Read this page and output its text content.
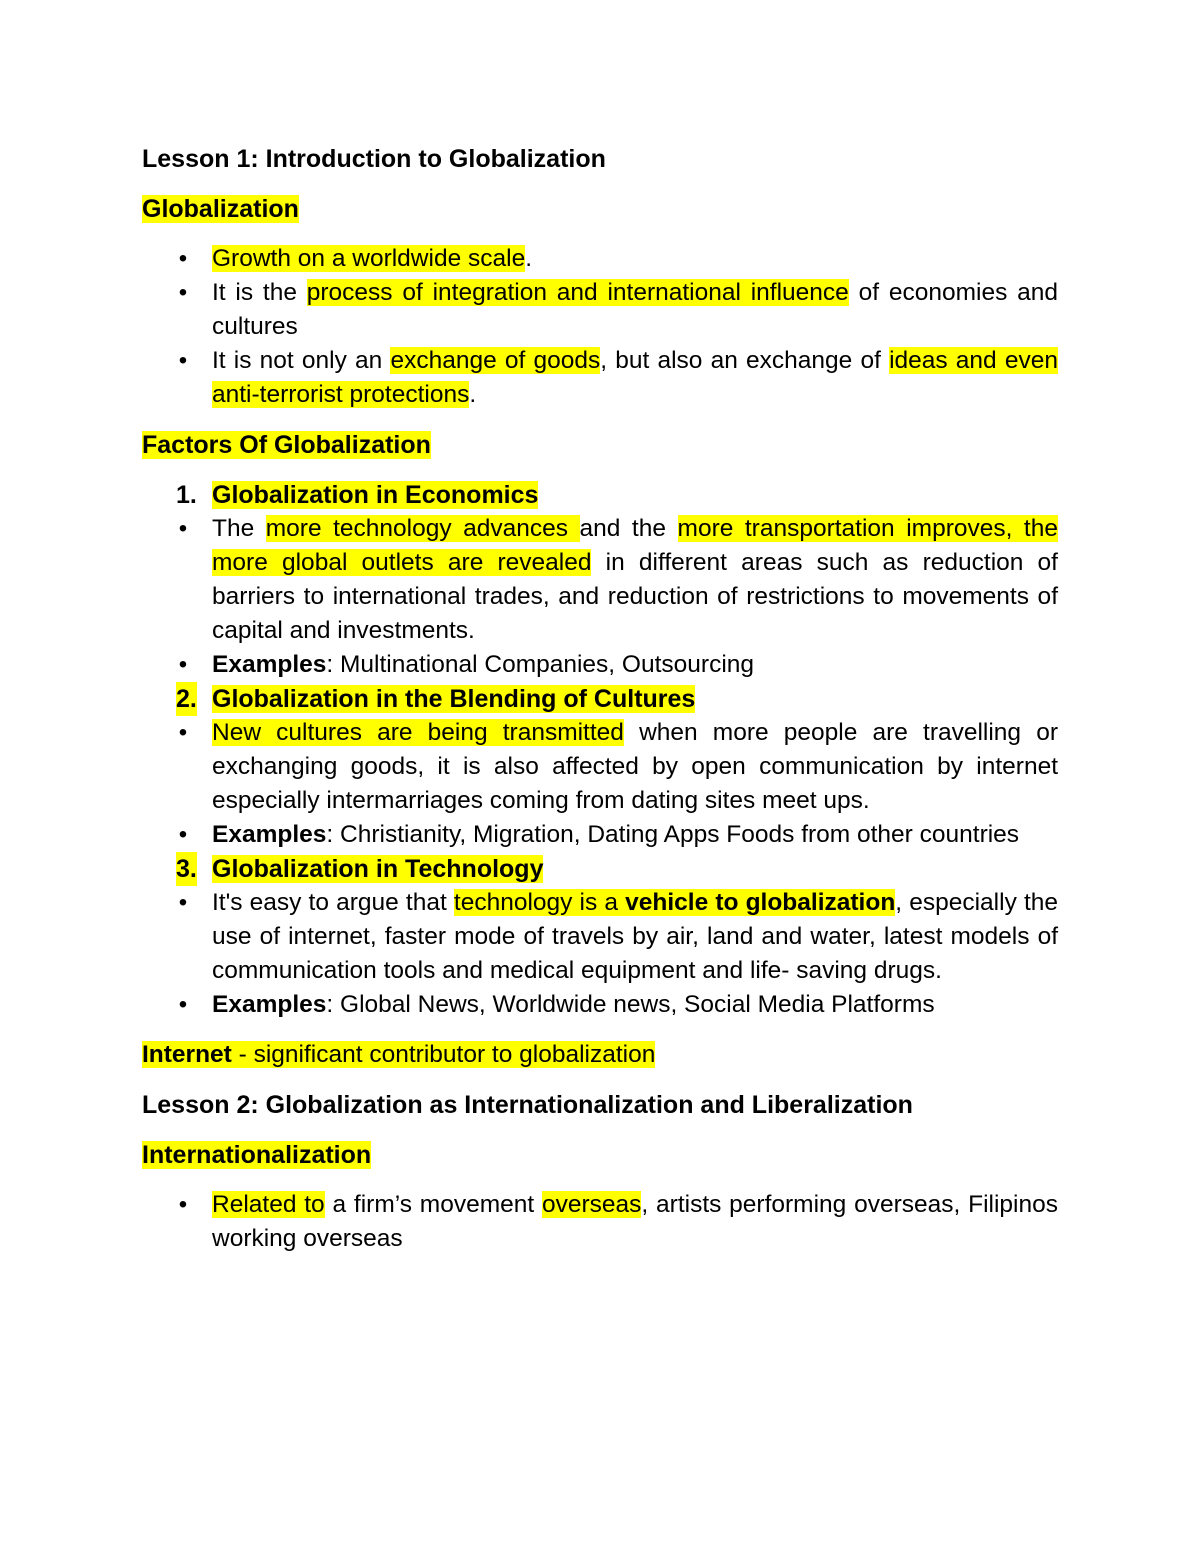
Lesson 1: Introduction to Globalization
Globalization
• Growth on a worldwide scale.
• It is the process of integration and international influence of economies and cultures
• It is not only an exchange of goods, but also an exchange of ideas and even anti-terrorist protections.
Factors Of Globalization
1. Globalization in Economics
• The more technology advances and the more transportation improves, the more global outlets are revealed in different areas such as reduction of barriers to international trades, and reduction of restrictions to movements of capital and investments.
• Examples: Multinational Companies, Outsourcing
2. Globalization in the Blending of Cultures
• New cultures are being transmitted when more people are travelling or exchanging goods, it is also affected by open communication by internet especially intermarriages coming from dating sites meet ups.
• Examples: Christianity, Migration, Dating Apps Foods from other countries
3. Globalization in Technology
• It's easy to argue that technology is a vehicle to globalization, especially the use of internet, faster mode of travels by air, land and water, latest models of communication tools and medical equipment and life- saving drugs.
• Examples: Global News, Worldwide news, Social Media Platforms
Internet - significant contributor to globalization
Lesson 2: Globalization as Internationalization and Liberalization
Internationalization
• Related to a firm’s movement overseas, artists performing overseas, Filipinos working overseas
